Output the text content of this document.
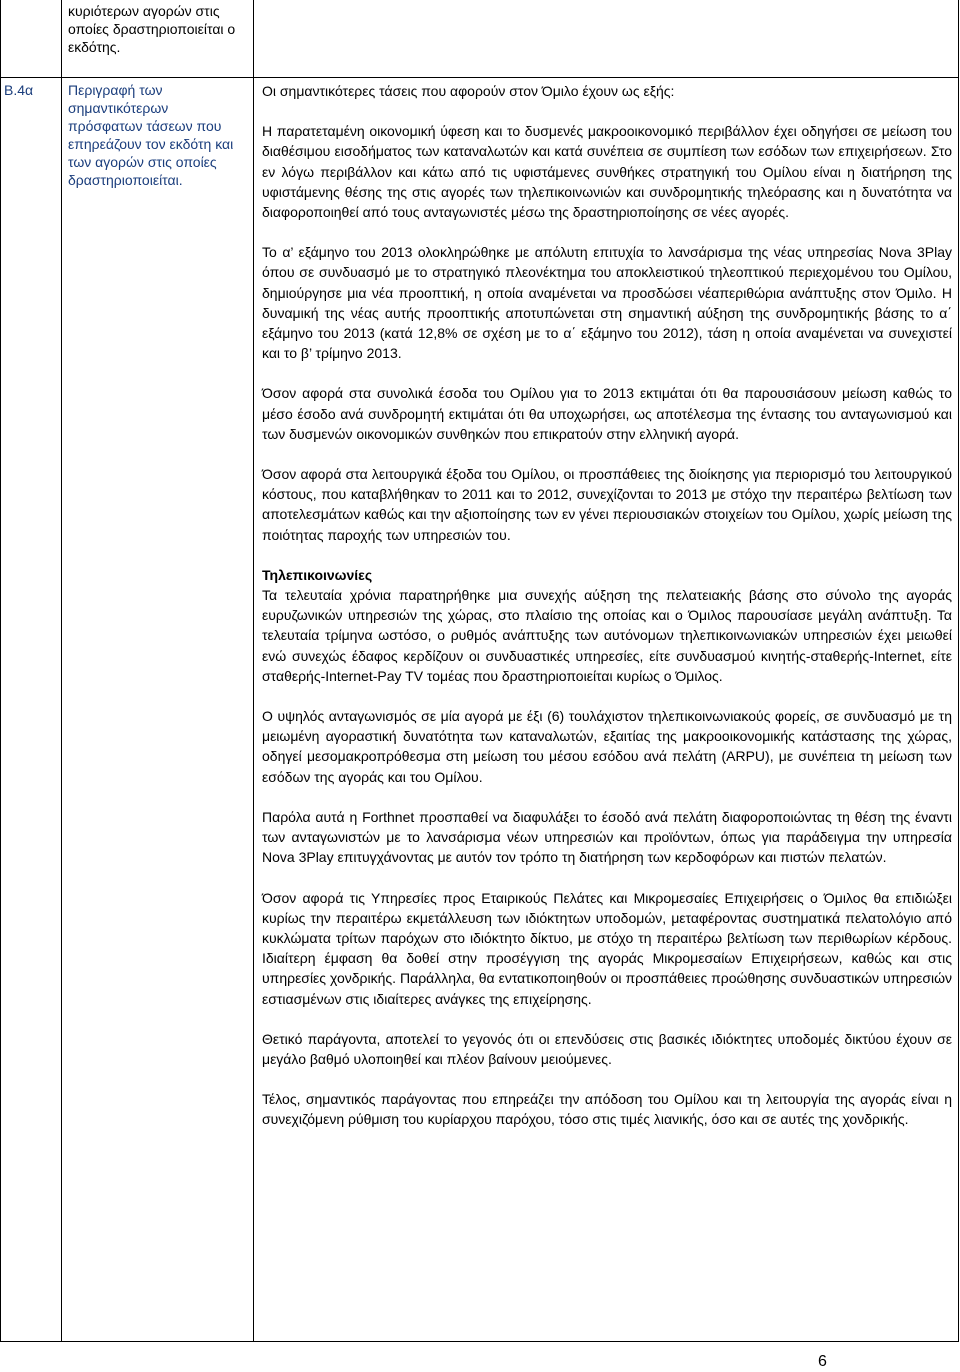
κυριότερων αγορών στις οποίες δραστηριοποιείται ο εκδότης.
Β.4α Περιγραφή των σημαντικότερων πρόσφατων τάσεων που επηρεάζουν τον εκδότη και των αγορών στις οποίες δραστηριοποιείται.

Οι σημαντικότερες τάσεις που αφορούν στον Όμιλο έχουν ως εξής:

Η παρατεταμένη οικονομική ύφεση και το δυσμενές μακροοικονομικό περιβάλλον έχει οδηγήσει σε μείωση του διαθέσιμου εισοδήματος των καταναλωτών και κατά συνέπεια σε συμπίεση των εσόδων των επιχειρήσεων. Στο εν λόγω περιβάλλον και κάτω από τις υφιστάμενες συνθήκες στρατηγική του Ομίλου είναι η διατήρηση της υφιστάμενης θέσης της στις αγορές των τηλεπικοινωνιών και συνδρομητικής τηλεόρασης και η δυνατότητα να διαφοροποιηθεί από τους ανταγωνιστές μέσω της δραστηριοποίησης σε νέες αγορές.

Το α’ εξάμηνο του 2013 ολοκληρώθηκε με απόλυτη επιτυχία το λανσάρισμα της νέας υπηρεσίας Nova 3Play όπου σε συνδυασμό με το στρατηγικό πλεονέκτημα του αποκλειστικού τηλεοπτικού περιεχομένου του Ομίλου, δημιούργησε μια νέα προοπτική, η οποία αναμένεται να προσδώσει νέαπεριθώρια ανάπτυξης στον Όμιλο. Η δυναμική της νέας αυτής προοπτικής αποτυπώνεται στη σημαντική αύξηση της συνδρομητικής βάσης το α΄ εξάμηνο του 2013 (κατά 12,8% σε σχέση με το α΄ εξάμηνο του 2012), τάση η οποία αναμένεται να συνεχιστεί και το β’ τρίμηνο 2013.

Όσον αφορά στα συνολικά έσοδα του Ομίλου για το 2013 εκτιμάται ότι θα παρουσιάσουν μείωση καθώς το μέσο έσοδο ανά συνδρομητή εκτιμάται ότι θα υποχωρήσει, ως αποτέλεσμα της έντασης του ανταγωνισμού και των δυσμενών οικονομικών συνθηκών που επικρατούν στην ελληνική αγορά.

Όσον αφορά στα λειτουργικά έξοδα του Ομίλου, οι προσπάθειες της διοίκησης για περιορισμό του λειτουργικού κόστους, που καταβλήθηκαν το 2011 και το 2012, συνεχίζονται το 2013 με στόχο την περαιτέρω βελτίωση των αποτελεσμάτων καθώς και την αξιοποίησης των εν γένει περιουσιακών στοιχείων του Ομίλου, χωρίς μείωση της ποιότητας παροχής των υπηρεσιών του.

Τηλεπικοινωνίες

Τα τελευταία χρόνια παρατηρήθηκε μια συνεχής αύξηση της πελατειακής βάσης στο σύνολο της αγοράς ευρυζωνικών υπηρεσιών της χώρας, στο πλαίσιο της οποίας και ο Όμιλος παρουσίασε μεγάλη ανάπτυξη. Τα τελευταία τρίμηνα ωστόσο, ο ρυθμός ανάπτυξης των αυτόνομων τηλεπικοινωνιακών υπηρεσιών έχει μειωθεί ενώ συνεχώς έδαφος κερδίζουν οι συνδυαστικές υπηρεσίες, είτε συνδυασμού κινητής-σταθερής-Internet, είτε σταθερής-Internet-Pay TV τομέας που δραστηριοποιείται κυρίως ο Όμιλος.

Ο υψηλός ανταγωνισμός σε μία αγορά με έξι (6) τουλάχιστον τηλεπικοινωνιακούς φορείς, σε συνδυασμό με τη μειωμένη αγοραστική δυνατότητα των καταναλωτών, εξαιτίας της μακροοικονομικής κατάστασης της χώρας, οδηγεί μεσομακροπρόθεσμα στη μείωση του μέσου εσόδου ανά πελάτη (ARPU), με συνέπεια τη μείωση των εσόδων της αγοράς και του Ομίλου.

Παρόλα αυτά η Forthnet προσπαθεί να διαφυλάξει το έσοδό ανά πελάτη διαφοροποιώντας τη θέση της έναντι των ανταγωνιστών με το λανσάρισμα νέων υπηρεσιών και προϊόντων, όπως για παράδειγμα την υπηρεσία Nova 3Play επιτυγχάνοντας με αυτόν τον τρόπο τη διατήρηση των κερδοφόρων και πιστών πελατών.

Όσον αφορά τις Υπηρεσίες προς Εταιρικούς Πελάτες και Μικρομεσαίες Επιχειρήσεις ο Όμιλος θα επιδιώξει κυρίως την περαιτέρω εκμετάλλευση των ιδιόκτητων υποδομών, μεταφέροντας συστηματικά πελατολόγιο από κυκλώματα τρίτων παρόχων στο ιδιόκτητο δίκτυο, με στόχο τη περαιτέρω βελτίωση των περιθωρίων κέρδους. Ιδιαίτερη έμφαση θα δοθεί στην προσέγγιση της αγοράς Μικρομεσαίων Επιχειρήσεων, καθώς και στις υπηρεσίες χονδρικής. Παράλληλα, θα εντατικοποιηθούν οι προσπάθειες προώθησης συνδυαστικών υπηρεσιών εστιασμένων στις ιδιαίτερες ανάγκες της επιχείρησης.

Θετικό παράγοντα, αποτελεί το γεγονός ότι οι επενδύσεις στις βασικές ιδιόκτητες υποδομές δικτύου έχουν σε μεγάλο βαθμό υλοποιηθεί και πλέον βαίνουν μειούμενες.

Τέλος, σημαντικός παράγοντας που επηρεάζει την απόδοση του Ομίλου και τη λειτουργία της αγοράς είναι η συνεχιζόμενη ρύθμιση του κυρίαρχου παρόχου, τόσο στις τιμές λιανικής, όσο και σε αυτές της χονδρικής.

6
